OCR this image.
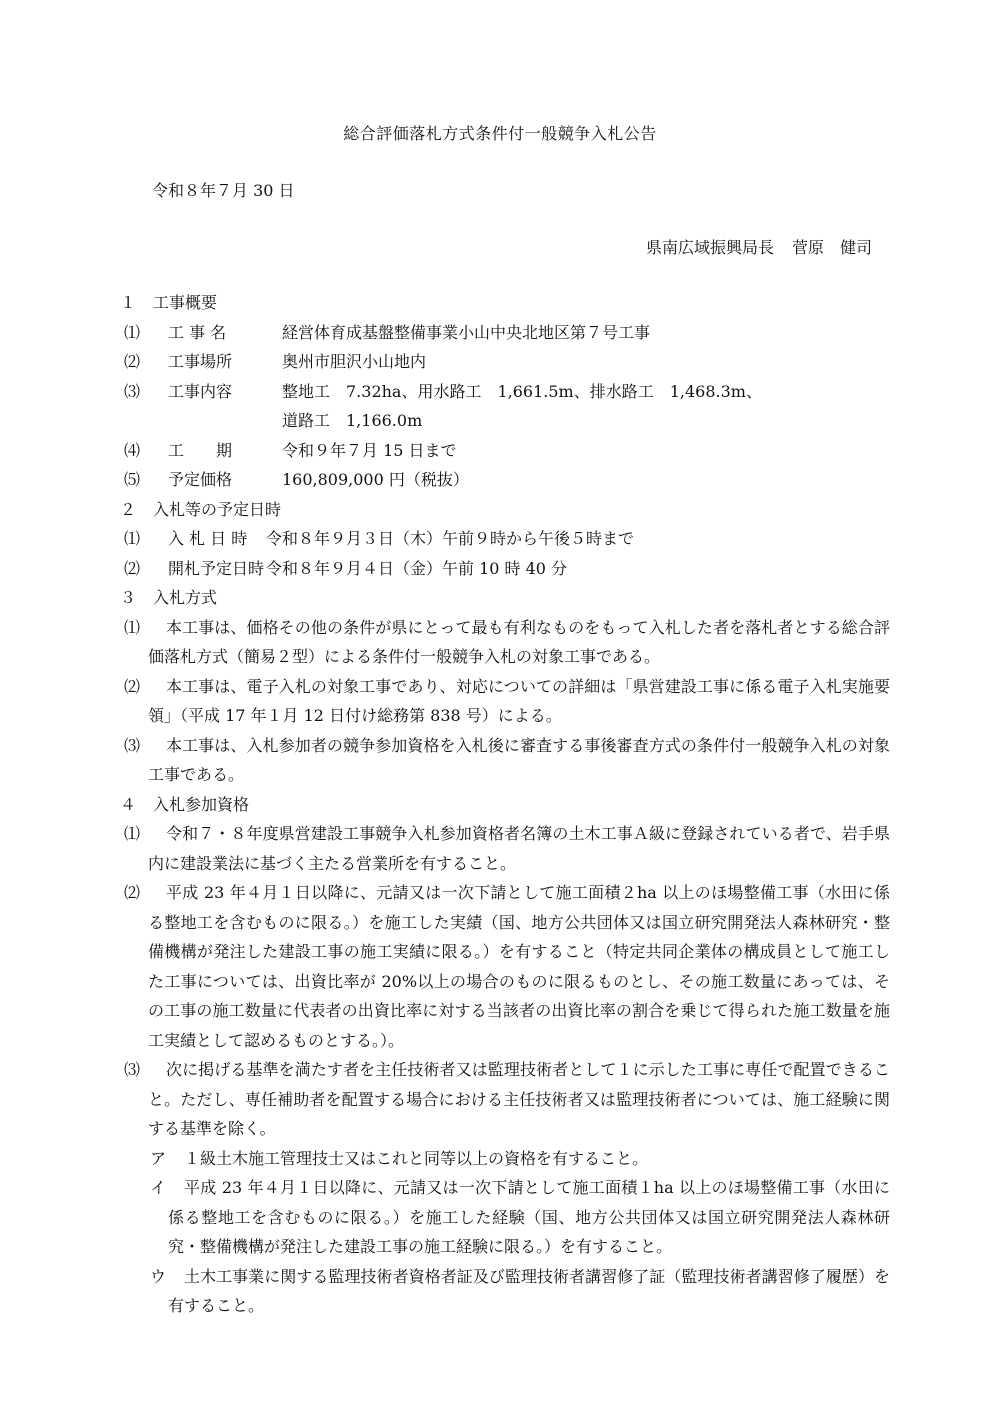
総合評価落札方式条件付一般競争入札公告
令和８年７月 30 日
県南広域振興局長 菅原　健司
１ 工事概要
⑴ 工 事 名	経営体育成基盤整備事業小山中央北地区第７号工事
⑵ 工事場所	奥州市胆沢小山地内
⑶ 工事内容	整地工　7.32ha、用水路工　1,661.5m、排水路工　1,468.3m、
道路工　1,166.0m
⑷ 工　　期	令和９年７月 15 日まで
⑸ 予定価格	160,809,000 円（税抜）
２ 入札等の予定日時
⑴ 入 札 日 時 令和８年９月３日（木）午前９時から午後５時まで
⑵ 開札予定日時 令和８年９月４日（金）午前 10 時 40 分
３ 入札方式
⑴	本工事は、価格その他の条件が県にとって最も有利なものをもって入札した者を落札者とする総合評価落札方式（簡易２型）による条件付一般競争入札の対象工事である。
⑵	本工事は、電子入札の対象工事であり、対応についての詳細は「県営建設工事に係る電子入札実施要領」（平成 17 年１月 12 日付け総務第 838 号）による。
⑶	本工事は、入札参加者の競争参加資格を入札後に審査する事後審査方式の条件付一般競争入札の対象工事である。
４ 入札参加資格
⑴	令和７・８年度県営建設工事競争入札参加資格者名簿の土木工事Ａ級に登録されている者で、岩手県内に建設業法に基づく主たる営業所を有すること。
⑵	平成 23 年４月１日以降に、元請又は一次下請として施工面積２ha 以上のほ場整備工事（水田に係る整地工を含むものに限る。）を施工した実績（国、地方公共団体又は国立研究開発法人森林研究・整備機構が発注した建設工事の施工実績に限る。）を有すること（特定共同企業体の構成員として施工した工事については、出資比率が 20%以上の場合のものに限るものとし、その施工数量にあっては、その工事の施工数量に代表者の出資比率に対する当該者の出資比率の割合を乗じて得られた施工数量を施工実績として認めるものとする。）。
⑶	次に掲げる基準を満たす者を主任技術者又は監理技術者として１に示した工事に専任で配置できること。ただし、専任補助者を配置する場合における主任技術者又は監理技術者については、施工経験に関する基準を除く。
ア	１級土木施工管理技士又はこれと同等以上の資格を有すること。
イ	平成 23 年４月１日以降に、元請又は一次下請として施工面積１ha 以上のほ場整備工事（水田に係る整地工を含むものに限る。）を施工した経験（国、地方公共団体又は国立研究開発法人森林研究・整備機構が発注した建設工事の施工経験に限る。）を有すること。
ウ	土木工事業に関する監理技術者資格者証及び監理技術者講習修了証（監理技術者講習修了履歴）を有すること。
